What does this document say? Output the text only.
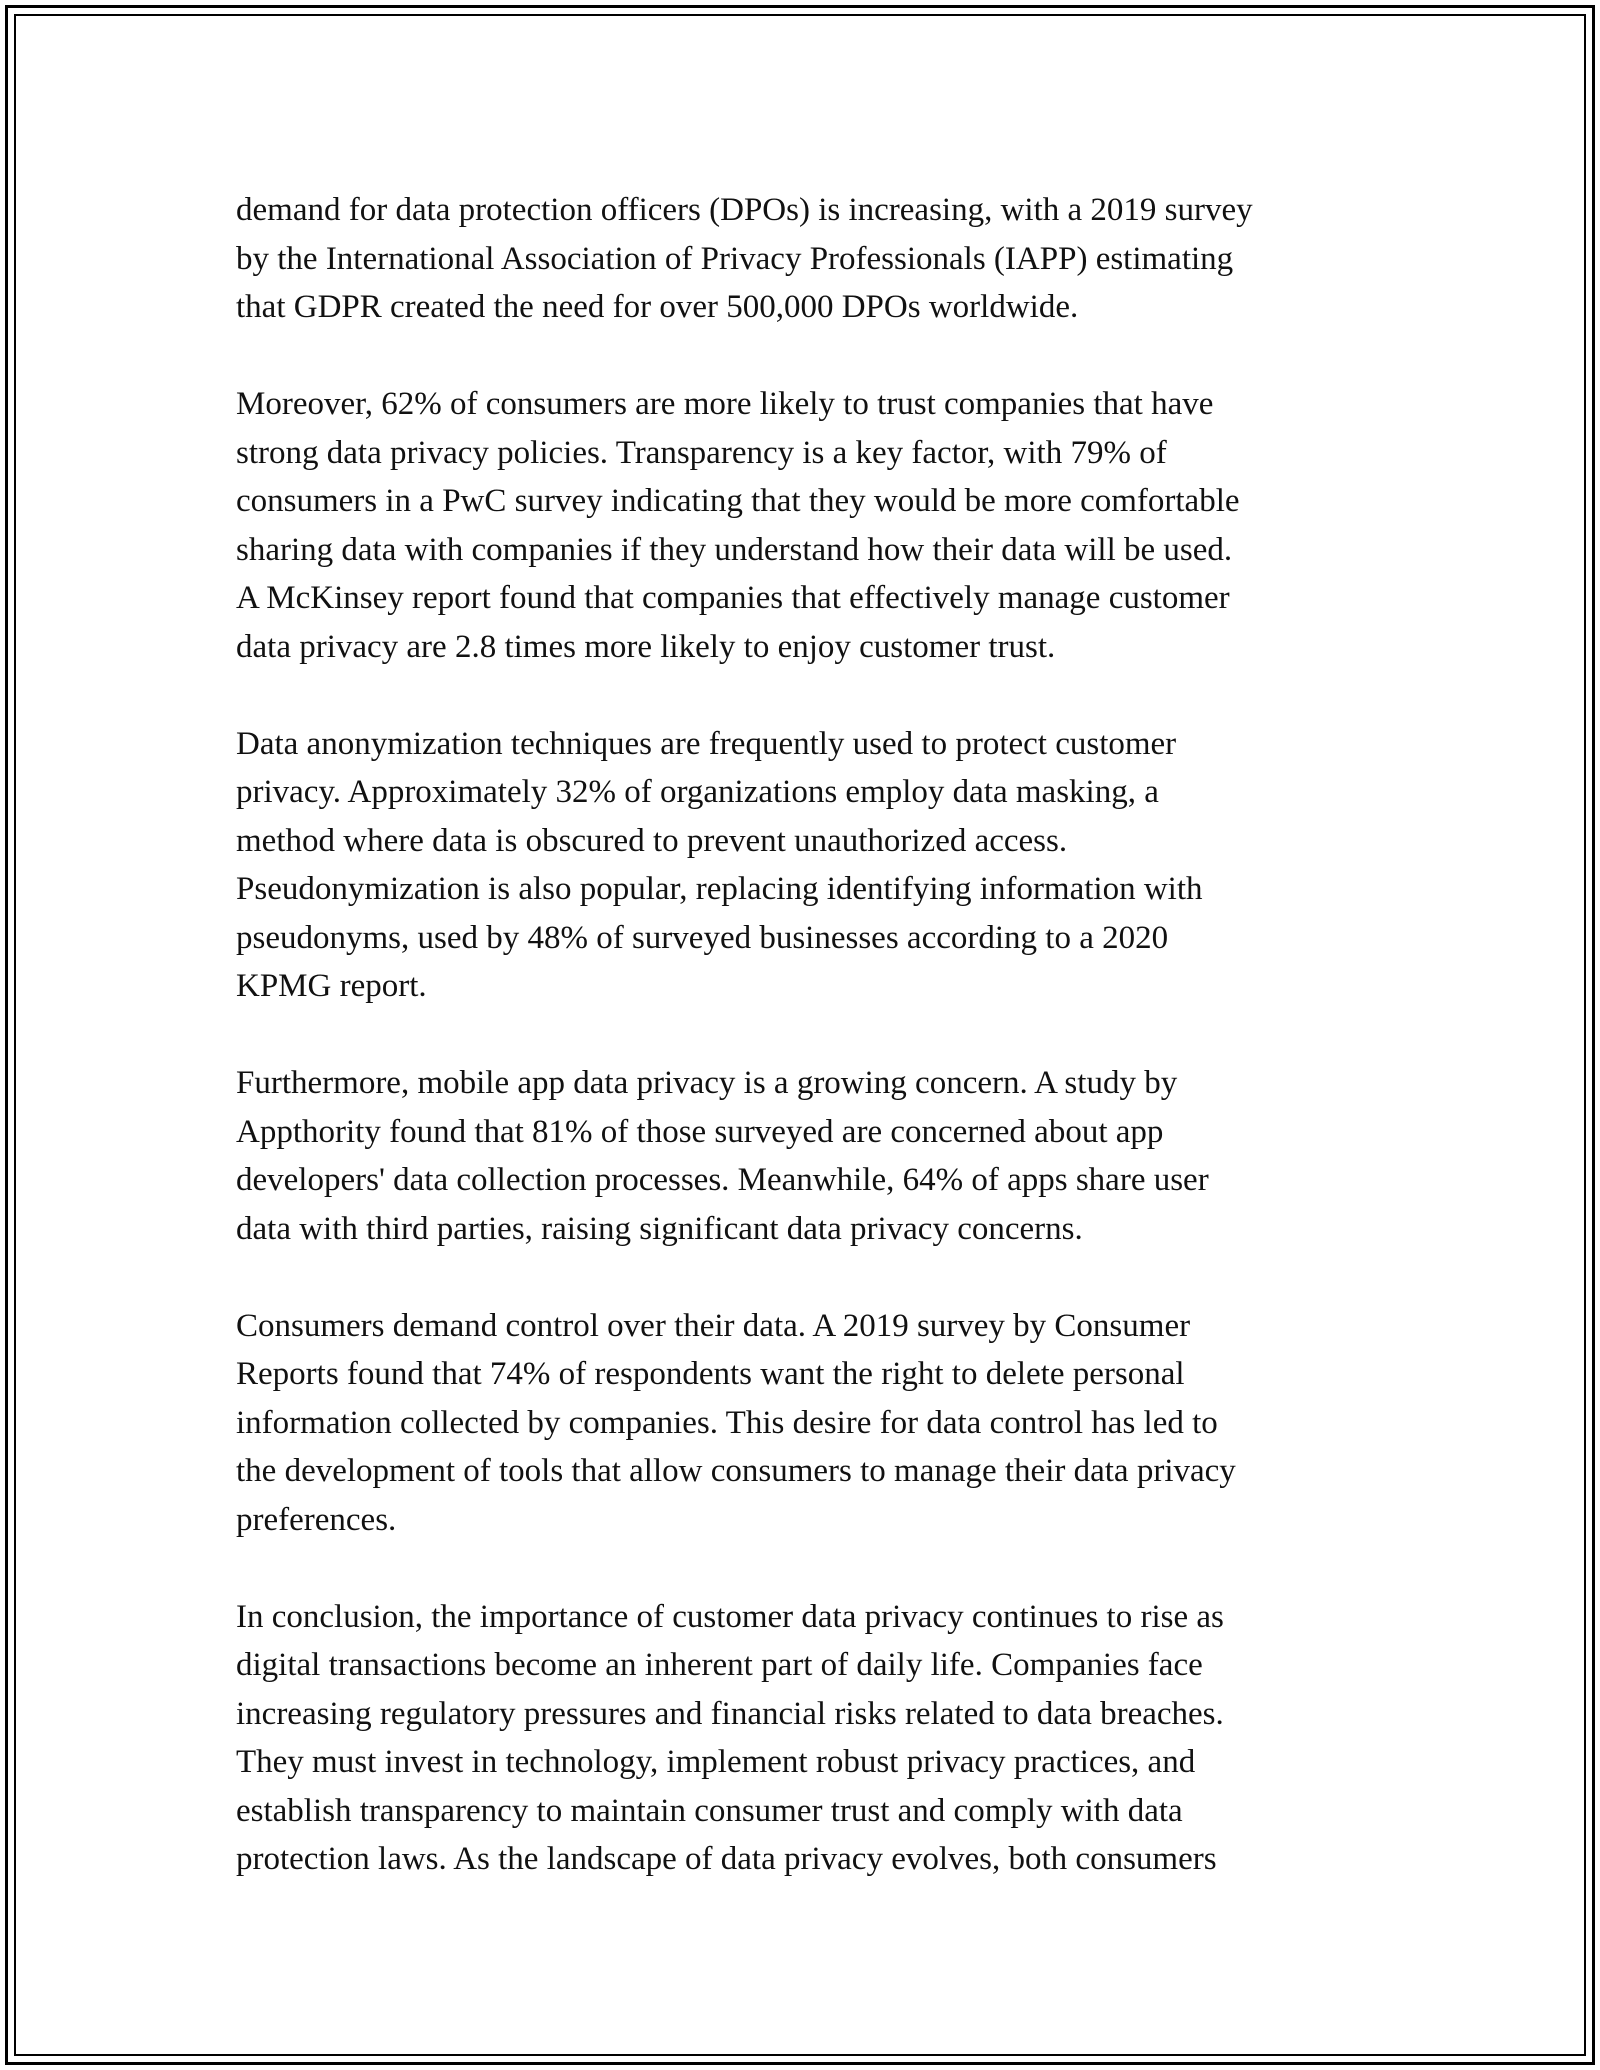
demand for data protection officers (DPOs) is increasing, with a 2019 survey
by the International Association of Privacy Professionals (IAPP) estimating
that GDPR created the need for over 500,000 DPOs worldwide.

Moreover, 62% of consumers are more likely to trust companies that have
strong data privacy policies. Transparency is a key factor, with 79% of
consumers in a PwC survey indicating that they would be more comfortable
sharing data with companies if they understand how their data will be used.
A McKinsey report found that companies that effectively manage customer
data privacy are 2.8 times more likely to enjoy customer trust.

Data anonymization techniques are frequently used to protect customer
privacy. Approximately 32% of organizations employ data masking, a
method where data is obscured to prevent unauthorized access.
Pseudonymization is also popular, replacing identifying information with
pseudonyms, used by 48% of surveyed businesses according to a 2020
KPMG report.

Furthermore, mobile app data privacy is a growing concern. A study by
Appthority found that 81% of those surveyed are concerned about app
developers' data collection processes. Meanwhile, 64% of apps share user
data with third parties, raising significant data privacy concerns.

Consumers demand control over their data. A 2019 survey by Consumer
Reports found that 74% of respondents want the right to delete personal
information collected by companies. This desire for data control has led to
the development of tools that allow consumers to manage their data privacy
preferences.

In conclusion, the importance of customer data privacy continues to rise as
digital transactions become an inherent part of daily life. Companies face
increasing regulatory pressures and financial risks related to data breaches.
They must invest in technology, implement robust privacy practices, and
establish transparency to maintain consumer trust and comply with data
protection laws. As the landscape of data privacy evolves, both consumers
